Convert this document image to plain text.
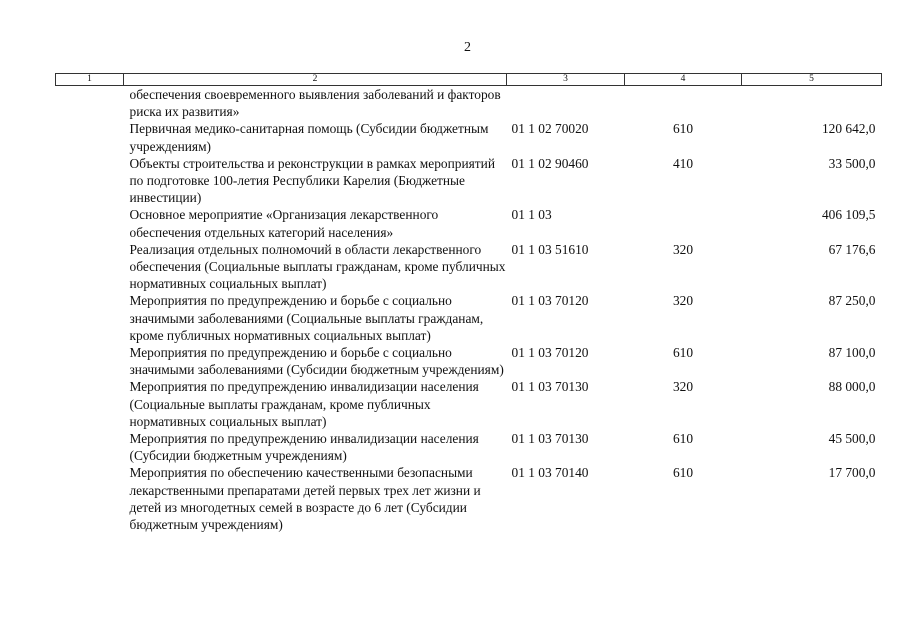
2
1	2	3	4	5
обеспечения своевременного выявления заболеваний и факторов риска их развития»				
Первичная медико-санитарная помощь (Субсидии бюджетным учреждениям)		01 1 02 70020	610	120 642,0
Объекты строительства и реконструкции в рамках мероприятий по подготовке 100-летия Республики Карелия (Бюджетные инвестиции)		01 1 02 90460	410	33 500,0
Основное мероприятие «Организация лекарственного обеспечения отдельных категорий населения»		01 1 03		406 109,5
Реализация отдельных полномочий в области лекарственного обеспечения (Социальные выплаты гражданам, кроме публичных нормативных социальных выплат)		01 1 03 51610	320	67 176,6
Мероприятия по предупреждению и борьбе с социально значимыми заболеваниями (Социальные выплаты гражданам, кроме публичных нормативных социальных выплат)		01 1 03 70120	320	87 250,0
Мероприятия по предупреждению и борьбе с социально значимыми заболеваниями (Субсидии бюджетным учреждениям)		01 1 03 70120	610	87 100,0
Мероприятия по предупреждению инвалидизации населения (Социальные выплаты гражданам, кроме публичных нормативных социальных выплат)		01 1 03 70130	320	88 000,0
Мероприятия по предупреждению инвалидизации населения (Субсидии бюджетным учреждениям)		01 1 03 70130	610	45 500,0
Мероприятия по обеспечению качественными безопасными лекарственными препаратами детей первых трех лет жизни и детей из многодетных семей в возрасте до 6 лет (Субсидии бюджетным учреждениям)		01 1 03 70140	610	17 700,0
